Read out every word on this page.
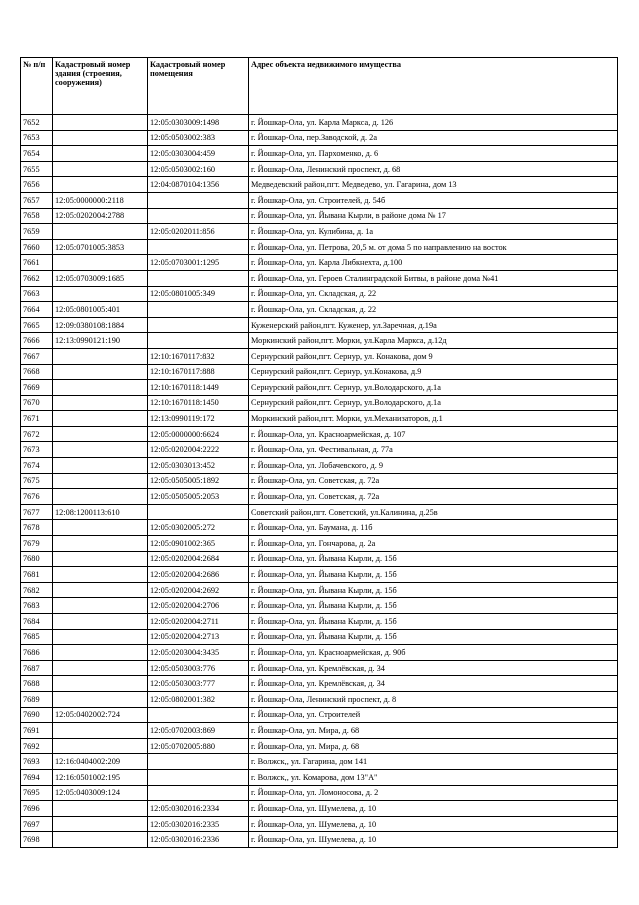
№ п/п	Кадастровый номер здания (строения, сооружения)	Кадастровый номер помещения	Адрес объекта недвижимого имущества
7652		12:05:0303009:1498	г. Йошкар-Ола, ул. Карла Маркса, д. 126
7653		12:05:0503002:383	г. Йошкар-Ола, пер.Заводской, д. 2а
7654		12:05:0303004:459	г. Йошкар-Ола, ул. Пархоменко, д. 6
7655		12:05:0503002:160	г. Йошкар-Ола, Ленинский проспект, д. 68
7656		12:04:0870104:1356	Медведевский район,пгт. Медведево, ул. Гагарина, дом 13
7657	12:05:0000000:2118		г. Йошкар-Ола, ул. Строителей, д. 54б
7658	12:05:0202004:2788		г. Йошкар-Ола, ул. Йывана Кырли, в районе дома № 17
7659		12:05:0202011:856	г. Йошкар-Ола, ул. Кулибина, д. 1а
7660	12:05:0701005:3853		г. Йошкар-Ола, ул. Петрова, 20,5 м. от дома 5 по направлению на восток
7661		12:05:0703001:1295	г. Йошкар-Ола, ул. Карла Либкнехта, д.100
7662	12:05:0703009:1685		г. Йошкар-Ола, ул. Героев Сталинградской Битвы, в районе дома №41
7663		12:05:0801005:349	г. Йошкар-Ола, ул. Складская, д. 22
7664	12:05:0801005:401		г. Йошкар-Ола, ул. Складская, д. 22
7665	12:09:0380108:1884		Куженерский район,пгт. Куженер, ул.Заречная, д.19а
7666	12:13:0990121:190		Моркинский район,пгт. Морки, ул.Карла Маркса, д.12д
7667		12:10:1670117:832	Сернурский район,пгт. Сернур, ул. Конакова, дом 9
7668		12:10:1670117:888	Сернурский район,пгт. Сернур, ул.Конакова, д.9
7669		12:10:1670118:1449	Сернурский район,пгт. Сернур, ул.Володарского, д.1а
7670		12:10:1670118:1450	Сернурский район,пгт. Сернур, ул.Володарского, д.1а
7671		12:13:0990119:172	Моркинский район,пгт. Морки, ул.Механизаторов, д.1
7672		12:05:0000000:6624	г. Йошкар-Ола, ул. Красноармейская, д. 107
7673		12:05:0202004:2222	г. Йошкар-Ола, ул. Фестивальная, д. 77а
7674		12:05:0303013:452	г. Йошкар-Ола, ул. Лобачевского, д. 9
7675		12:05:0505005:1892	г. Йошкар-Ола, ул. Советская, д. 72а
7676		12:05:0505005:2053	г. Йошкар-Ола, ул. Советская, д. 72а
7677	12:08:1200113:610		Советский район,пгт. Советский, ул.Калинина, д.25в
7678		12:05:0302005:272	г. Йошкар-Ола, ул. Баумана, д. 11б
7679		12:05:0901002:365	г. Йошкар-Ола, ул. Гончарова, д. 2а
7680		12:05:0202004:2684	г. Йошкар-Ола, ул. Йывана Кырли, д. 15б
7681		12:05:0202004:2686	г. Йошкар-Ола, ул. Йывана Кырли, д. 15б
7682		12:05:0202004:2692	г. Йошкар-Ола, ул. Йывана Кырли, д. 15б
7683		12:05:0202004:2706	г. Йошкар-Ола, ул. Йывана Кырли, д. 15б
7684		12:05:0202004:2711	г. Йошкар-Ола, ул. Йывана Кырли, д. 15б
7685		12:05:0202004:2713	г. Йошкар-Ола, ул. Йывана Кырли, д. 15б
7686		12:05:0203004:3435	г. Йошкар-Ола, ул. Красноармейская, д. 90б
7687		12:05:0503003:776	г. Йошкар-Ола, ул. Кремлёвская, д. 34
7688		12:05:0503003:777	г. Йошкар-Ола, ул. Кремлёвская, д. 34
7689		12:05:0802001:382	г. Йошкар-Ола, Ленинский проспект, д. 8
7690	12:05:0402002:724		г. Йошкар-Ола, ул. Строителей
7691		12:05:0702003:869	г. Йошкар-Ола, ул. Мира, д. 68
7692		12:05:0702005:880	г. Йошкар-Ола, ул. Мира, д. 68
7693	12:16:0404002:209		г. Волжск,, ул. Гагарина, дом 141
7694	12:16:0501002:195		г. Волжск,, ул. Комарова, дом 13"А"
7695	12:05:0403009:124		г. Йошкар-Ола, ул. Ломоносова, д. 2
7696		12:05:0302016:2334	г. Йошкар-Ола, ул. Шумелева, д. 10
7697		12:05:0302016:2335	г. Йошкар-Ола, ул. Шумелева, д. 10
7698		12:05:0302016:2336	г. Йошкар-Ола, ул. Шумелева, д. 10
